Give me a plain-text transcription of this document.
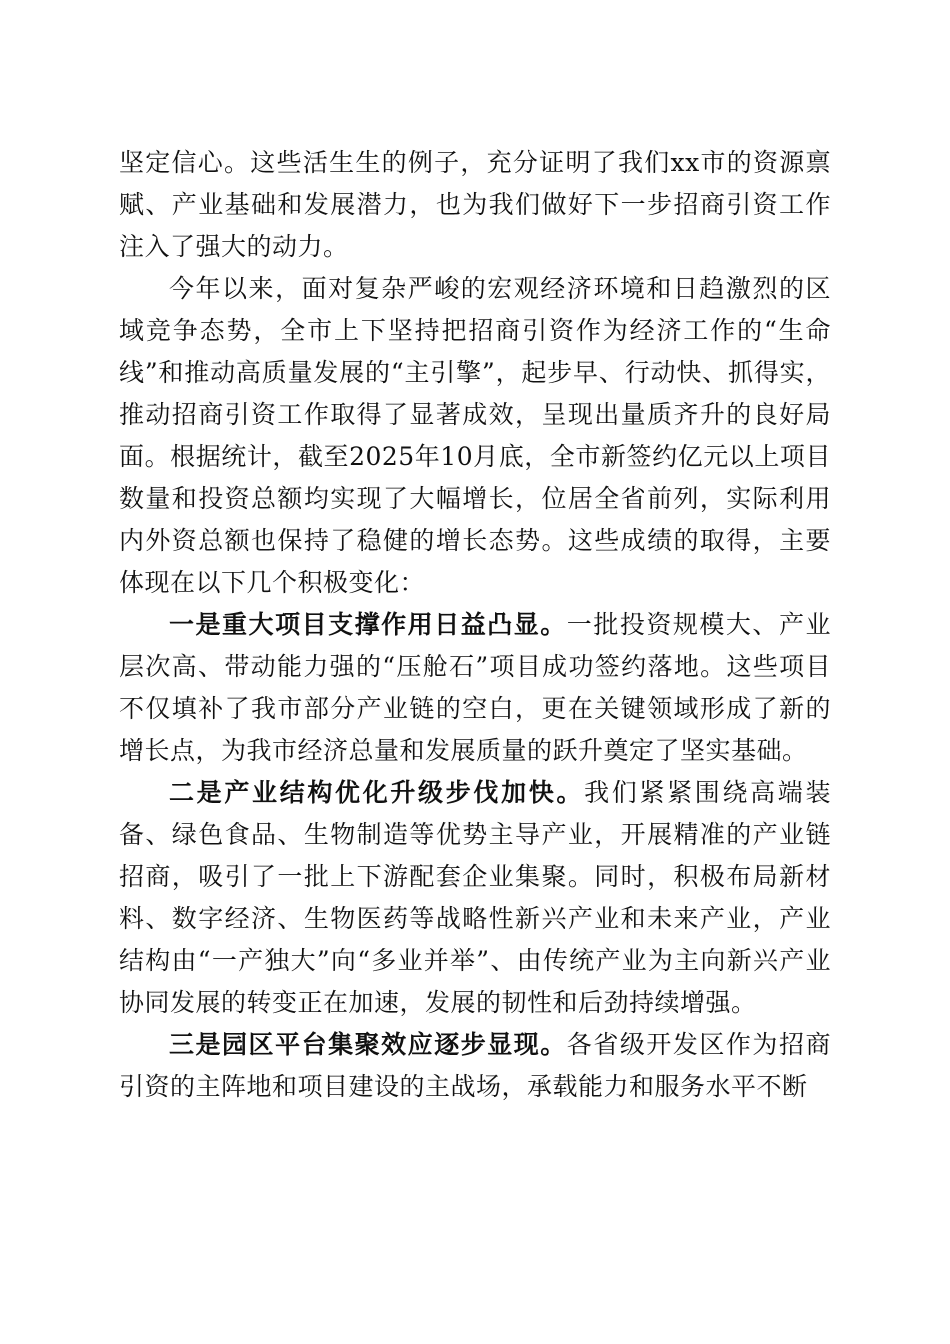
坚定信心。这些活生生的例子，充分证明了我们xx市的资源禀赋、产业基础和发展潜力，也为我们做好下一步招商引资工作注入了强大的动力。

今年以来，面对复杂严峻的宏观经济环境和日趋激烈的区域竞争态势，全市上下坚持把招商引资作为经济工作的“生命线”和推动高质量发展的“主引擎”，起步早、行动快、抓得实，推动招商引资工作取得了显著成效，呈现出量质齐升的良好局面。根据统计，截至2025年10月底，全市新签约亿元以上项目数量和投资总额均实现了大幅增长，位居全省前列，实际利用内外资总额也保持了稳健的增长态势。这些成绩的取得，主要体现在以下几个积极变化：

一是重大项目支撑作用日益凸显。一批投资规模大、产业层次高、带动能力强的“压舱石”项目成功签约落地。这些项目不仅填补了我市部分产业链的空白，更在关键领域形成了新的增长点，为我市经济总量和发展质量的跃升奠定了坚实基础。

二是产业结构优化升级步伐加快。我们紧紧围绕高端装备、绿色食品、生物制造等优势主导产业，开展精准的产业链招商，吸引了一批上下游配套企业集聚。同时，积极布局新材料、数字经济、生物医药等战略性新兴产业和未来产业，产业结构由“一产独大”向“多业并举”、由传统产业为主向新兴产业协同发展的转变正在加速，发展的韧性和后劲持续增强。

三是园区平台集聚效应逐步显现。各省级开发区作为招商引资的主阵地和项目建设的主战场，承载能力和服务水平不断
